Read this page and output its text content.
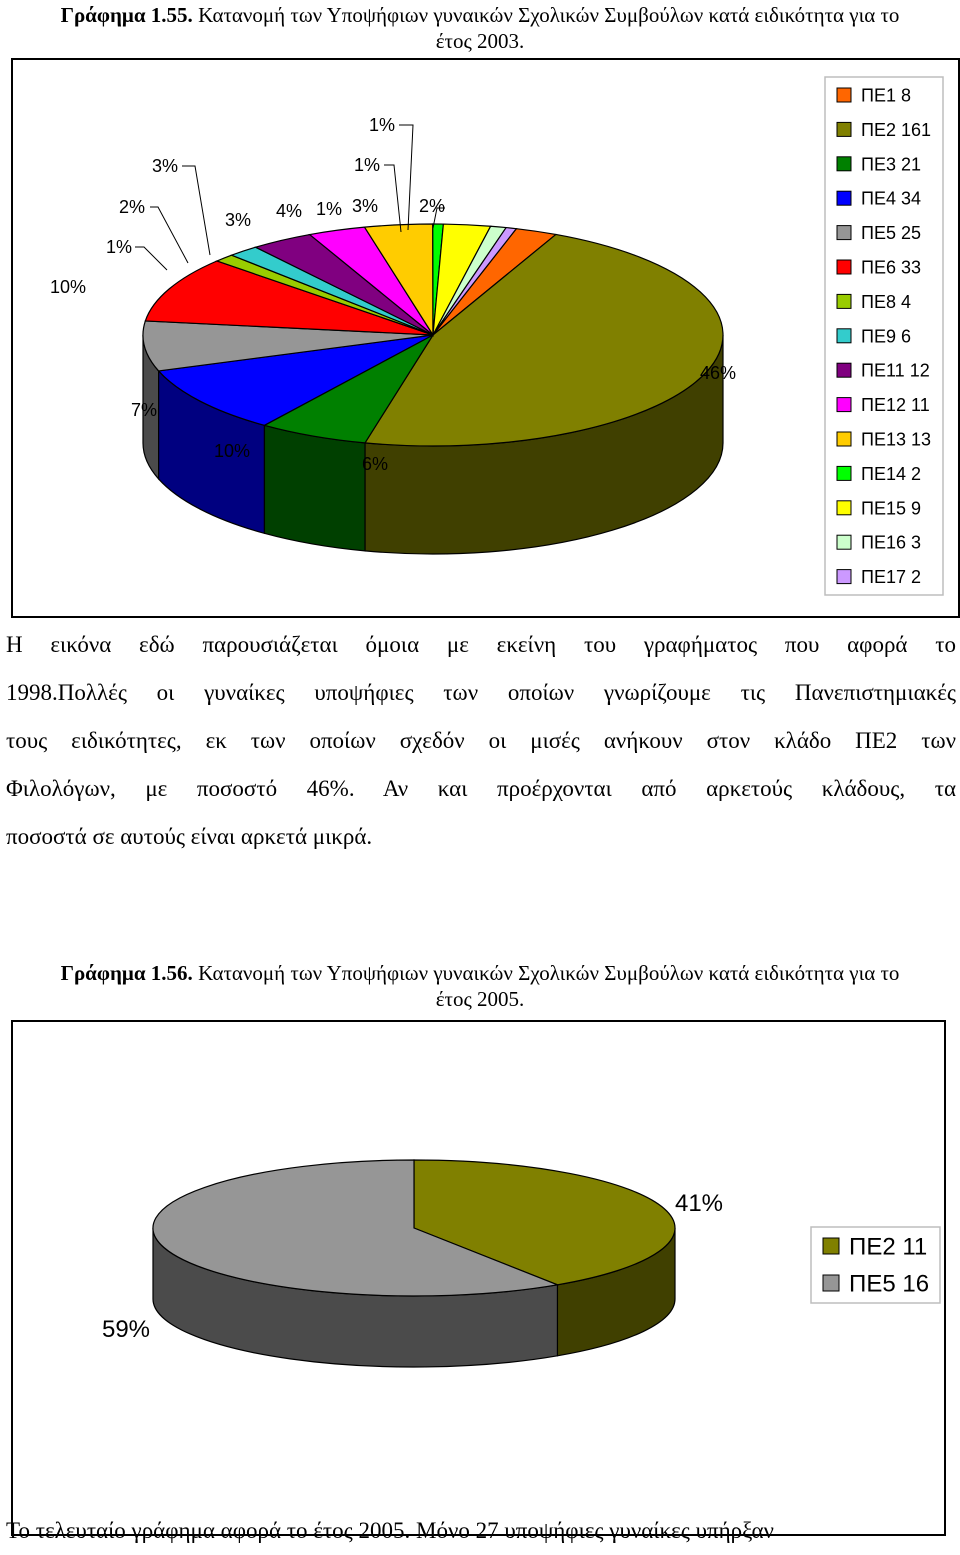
Γράφημα 1.55. Κατανομή των Υποψήφιων γυναικών Σχολικών Συμβούλων κατά ειδικότητα για το
έτος 2003.
ΠΕ1 8
ΠΕ2 161
ΠΕ3 21
ΠΕ4 34
ΠΕ5 25
ΠΕ6 33
ΠΕ8 4
ΠΕ9 6
ΠΕ11 12
ΠΕ12 11
ΠΕ13 13
ΠΕ14 2
ΠΕ15 9
ΠΕ16 3
ΠΕ17 2
2%
46%
6%
10%
7%
10%
1%
2%
3%
3% 4% 1% 3%
1%
1%
Η εικόνα εδώ παρουσιάζεται όμοια με εκείνη του γραφήματος που αφορά το
1998.Πολλές οι γυναίκες υποψήφιες των οποίων γνωρίζουμε τις Πανεπιστημιακές
τους ειδικότητες, εκ των οποίων σχεδόν οι μισές ανήκουν στον κλάδο ΠΕ2 των
Φιλολόγων, με ποσοστό 46%. Αν και προέρχονται από αρκετούς κλάδους, τα
ποσοστά σε αυτούς είναι αρκετά μικρά.
Γράφημα 1.56. Κατανομή των Υποψήφιων γυναικών Σχολικών Συμβούλων κατά ειδικότητα για το
έτος 2005.
ΠΕ2 11
ΠΕ5 16
41%
59%
Το τελευταίο γράφημα αφορά το έτος 2005. Μόνο 27 υποψήφιες γυναίκες υπήρξαν
